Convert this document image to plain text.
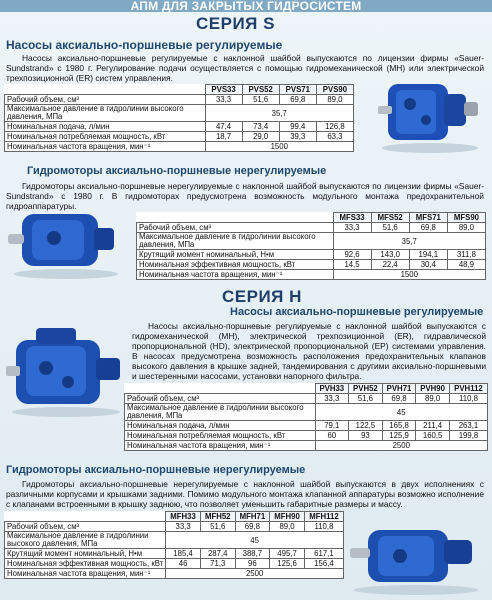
АПМ ДЛЯ ЗАКРЫТЫХ ГИДРОСИСТЕМ
СЕРИЯ S
Насосы аксиально-поршневые регулируемые
Насосы аксиально-поршневые регулируемые с наклонной шайбой выпускаются по лицензии фирмы «Sauer-Sundstrand» с 1980 г. Регулирование подачи осуществляется с помощью гидромеханической (MH) или электрической трехпозиционной (ER) систем управления.
	PVS33	PVS52	PVS71	PVS90
Рабочий объем, см³	33,3	51,6	69,8	89,0
Максимальное давление в гидролинии высокого давления, МПа	35,7			
Номинальная подача, л/мин	47,4	73,4	99,4	126,8
Номинальная потребляемая мощность, кВт	18,7	29,0	39,3	63,3
Номинальная частота вращения, мин⁻¹	1500			
Гидромоторы аксиально-поршневые нерегулируемые
Гидромоторы аксиально-поршневые нерегулируемые с наклонной шайбой выпускаются по лицензии фирмы «Sauer-Sundstrand» с 1980 г. В гидромоторах предусмотрена возможность модульного монтажа предохранительной гидроаппаратуры.
	MFS33	MFS52	MFS71	MFS90
Рабочий объем, см³	33,3	51,6	69,8	89,0
Максимальное давление в гидролинии высокого давления, МПа	35,7			
Крутящий момент номинальный, Н•м	92,6	143,0	194,1	311,8
Номинальная эффективная мощность, кВт	14,5	22,4	30,4	48,9
Номинальная частота вращения, мин⁻¹	1500			
СЕРИЯ H
Насосы аксиально-поршневые регулируемые
Насосы аксиально-поршневые регулируемые с наклонной шайбой выпускаются с гидромеханической (MH), электрической трехпозиционной (ER), гидравлической пропорциональной (HD), электрической пропорциональной (EP) системами управления. В насосах предусмотрена возможность расположения предохранительных клапанов высокого давления в крышке задней, тандемирования с другими аксиально-поршневыми и шестеренными насосами, установки напорного фильтра.
	PVH33	PVH52	PVH71	PVH90	PVH112
Рабочий объем, см³	33,3	51,6	69,8	89,0	110,8
Максимальное давление в гидролинии высокого давления, МПа	45				
Номинальная подача, л/мин	79,1	122,5	165,8	211,4	263,1
Номинальная потребляемая мощность, кВт	60	93	125,9	160,5	199,8
Номинальная частота вращения, мин⁻¹	2500				
Гидромоторы аксиально-поршневые нерегулируемые
Гидромоторы аксиально-поршневые нерегулируемые с наклонной шайбой выпускаются в двух исполнениях с различными корпусами и крышками задними. Помимо модульного монтажа клапанной аппаратуры возможно исполнение с клапанами встроенными в крышку заднюю, что позволяет уменьшить габаритные размеры и массу.
	MFH33	MFH52	MFH71	MFH90	MFH112
Рабочий объем, см³	33,3	51,6	69,8	89,0	110,8
Максимальное давление в гидролинии высокого давления, МПа	45				
Крутящий момент номинальный, Н•м	185,4	287,4	388,7	495,7	617,1
Номинальная эффективная мощность, кВт	46	71,3	96	125,6	156,4
Номинальная частота вращения, мин⁻¹	2500				
